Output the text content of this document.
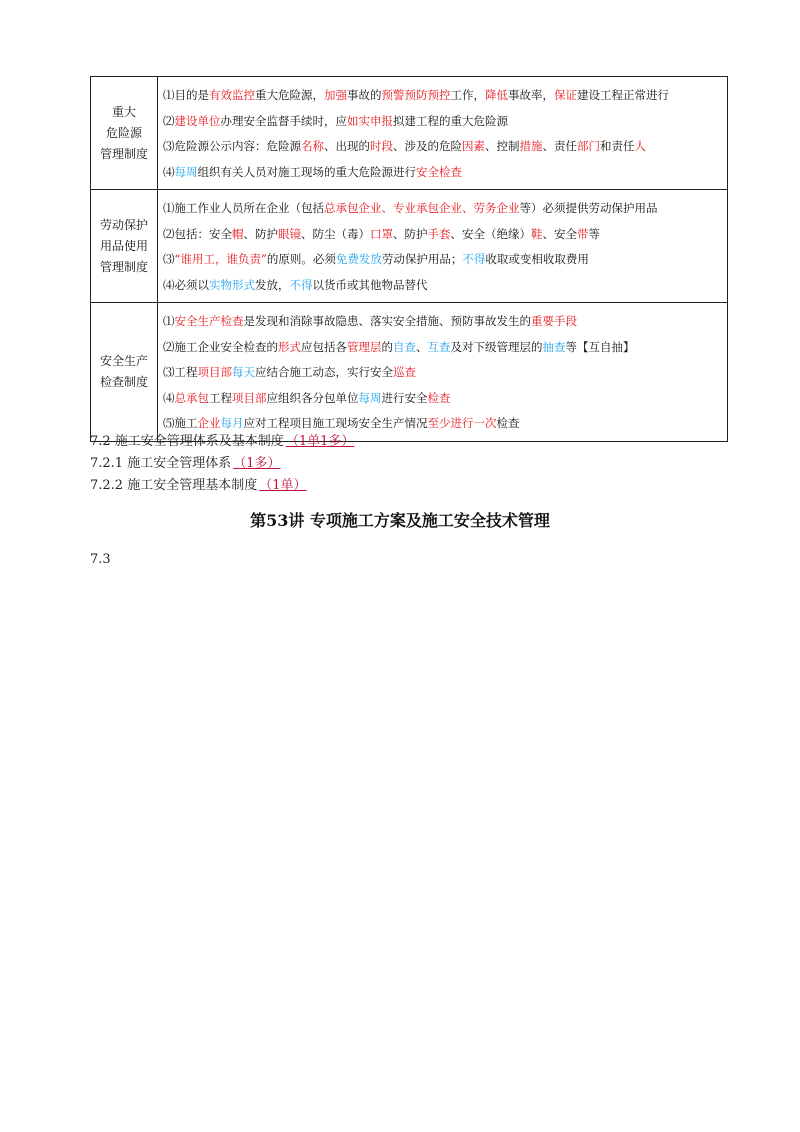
重大
危险源
管理制度	⑴目的是有效监控重大危险源，加强事故的预警预防预控工作，降低事故率，保证建设工程正常进行
⑵建设单位办理安全监督手续时，应如实申报拟建工程的重大危险源
⑶危险源公示内容：危险源名称、出现的时段、涉及的危险因素、控制措施、责任部门和责任人
⑷每周组织有关人员对施工现场的重大危险源进行安全检查

劳动保护
用品使用
管理制度	⑴施工作业人员所在企业（包括总承包企业、专业承包企业、劳务企业等）必须提供劳动保护用品
⑵包括：安全帽、防护眼镜、防尘（毒）口罩、防护手套、安全（绝缘）鞋、安全带等
⑶“谁用工，谁负责”的原则。必须免费发放劳动保护用品；不得收取或变相收取费用
⑷必须以实物形式发放，不得以货币或其他物品替代

安全生产
检查制度	⑴安全生产检查是发现和消除事故隐患、落实安全措施、预防事故发生的重要手段
⑵施工企业安全检查的形式应包括各管理层的自查、互查及对下级管理层的抽查等【互自抽】
⑶工程项目部每天应结合施工动态，实行安全巡查
⑷总承包工程项目部应组织各分包单位每周进行安全检查
⑸施工企业每月应对工程项目施工现场安全生产情况至少进行一次检查
7.2 施工安全管理体系及基本制度 （1单1多）
7.2.1 施工安全管理体系 （1多）
7.2.2 施工安全管理基本制度 （1单）
第53讲 专项施工方案及施工安全技术管理
7.3
